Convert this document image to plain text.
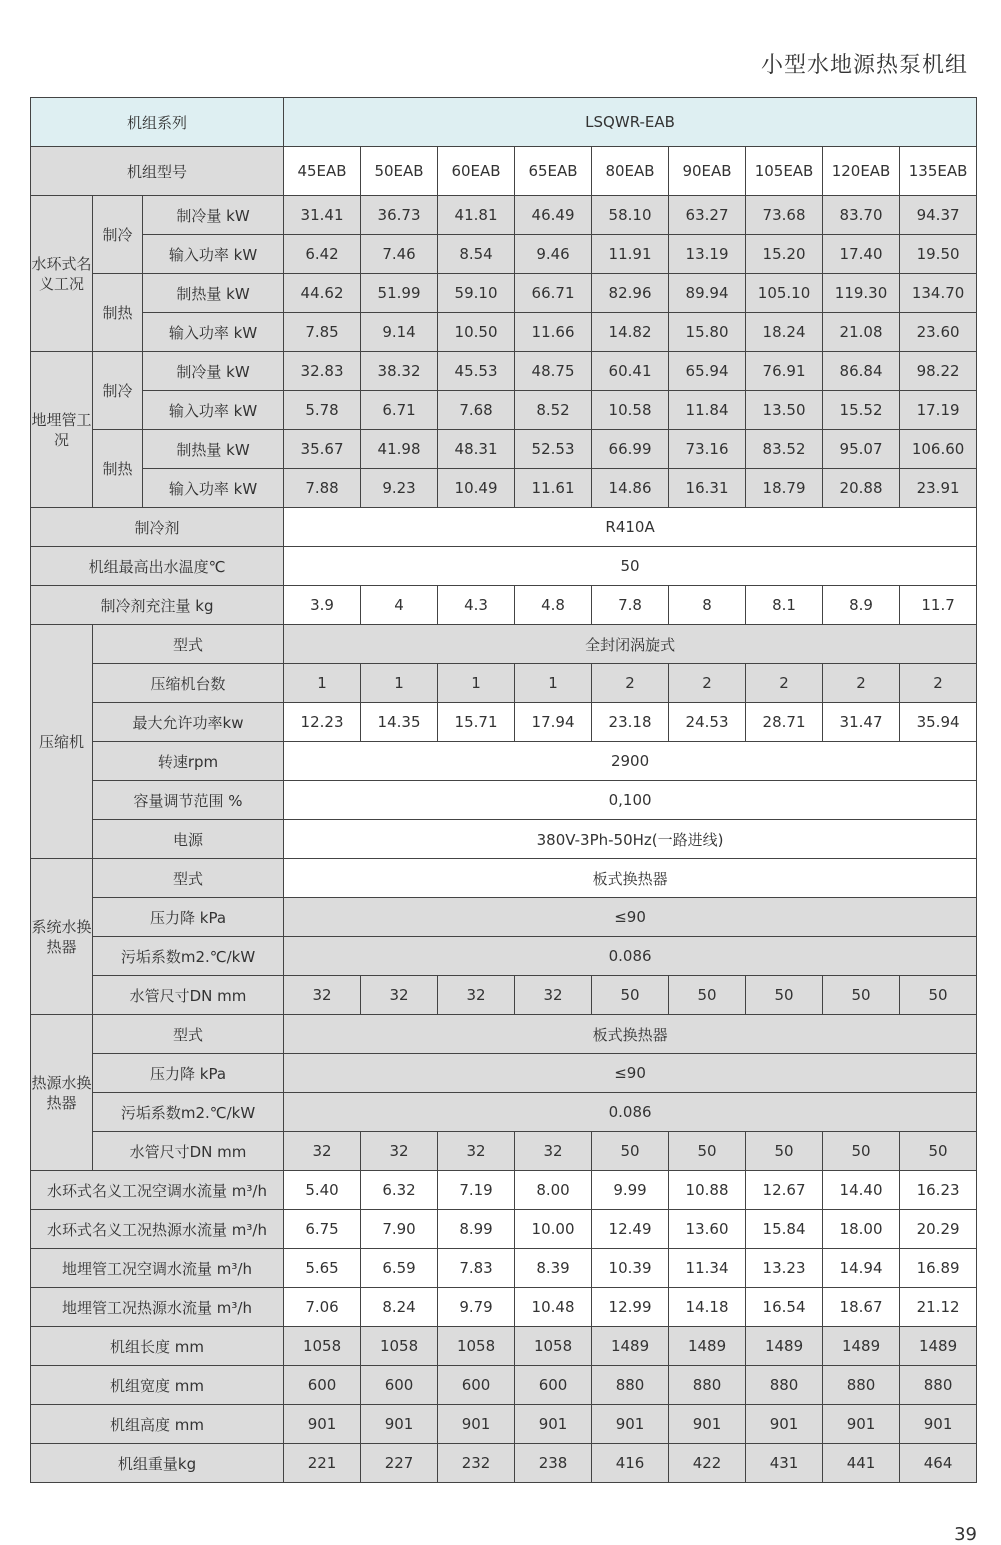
小型水地源热泵机组
机组系列			LSQWR-EAB								
机组型号			45EAB	50EAB	60EAB	65EAB	80EAB	90EAB	105EAB	120EAB	135EAB
水环式名义工况	制冷	制冷量 kW	31.41	36.73	41.81	46.49	58.10	63.27	73.68	83.70	94.37
		输入功率 kW	6.42	7.46	8.54	9.46	11.91	13.19	15.20	17.40	19.50
	制热	制热量 kW	44.62	51.99	59.10	66.71	82.96	89.94	105.10	119.30	134.70
		输入功率 kW	7.85	9.14	10.50	11.66	14.82	15.80	18.24	21.08	23.60
地埋管工况	制冷	制冷量 kW	32.83	38.32	45.53	48.75	60.41	65.94	76.91	86.84	98.22
		输入功率 kW	5.78	6.71	7.68	8.52	10.58	11.84	13.50	15.52	17.19
	制热	制热量 kW	35.67	41.98	48.31	52.53	66.99	73.16	83.52	95.07	106.60
		输入功率 kW	7.88	9.23	10.49	11.61	14.86	16.31	18.79	20.88	23.91
制冷剂			R410A								
机组最高出水温度℃			50								
制冷剂充注量 kg			3.9	4	4.3	4.8	7.8	8	8.1	8.9	11.7
压缩机	型式		全封闭涡旋式								
	压缩机台数		1	1	1	1	2	2	2	2	2
	最大允许功率kw		12.23	14.35	15.71	17.94	23.18	24.53	28.71	31.47	35.94
	转速rpm		2900								
	容量调节范围 %		0,100								
	电源		380V-3Ph-50Hz(一路进线)								
系统水换热器	型式		板式换热器								
	压力降 kPa		≤90								
	污垢系数m2.℃/kW		0.086								
	水管尺寸DN mm		32	32	32	32	50	50	50	50	50
热源水换热器	型式		板式换热器								
	压力降 kPa		≤90								
	污垢系数m2.℃/kW		0.086								
	水管尺寸DN mm		32	32	32	32	50	50	50	50	50
水环式名义工况空调水流量 m³/h			5.40	6.32	7.19	8.00	9.99	10.88	12.67	14.40	16.23
水环式名义工况热源水流量 m³/h			6.75	7.90	8.99	10.00	12.49	13.60	15.84	18.00	20.29
地埋管工况空调水流量 m³/h			5.65	6.59	7.83	8.39	10.39	11.34	13.23	14.94	16.89
地埋管工况热源水流量 m³/h			7.06	8.24	9.79	10.48	12.99	14.18	16.54	18.67	21.12
机组长度 mm			1058	1058	1058	1058	1489	1489	1489	1489	1489
机组宽度 mm			600	600	600	600	880	880	880	880	880
机组高度 mm			901	901	901	901	901	901	901	901	901
机组重量kg			221	227	232	238	416	422	431	441	464
39
